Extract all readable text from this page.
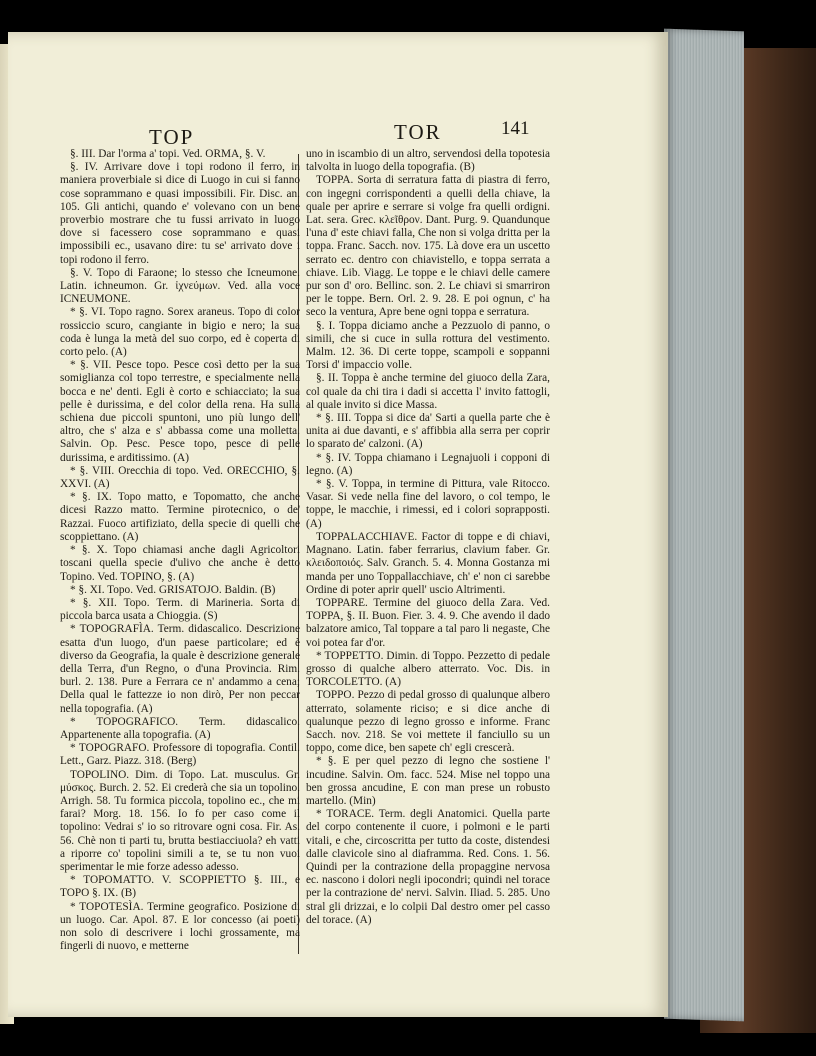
TOP	TOR	141

§. III. Dar l'orma a' topi. Ved. ORMA, §. V.

§. IV. Arrivare dove i topi rodono il ferro, in maniera proverbiale si dice di Luogo in cui si fanno cose soprammano e quasi impossibili. Fir. Disc. an. 105. Gli antichi, quando e' volevano con un bene proverbio mostrare che tu fussi arrivato in luogo dove si facessero cose soprammano e quasi impossibili ec., usavano dire: tu se' arrivato dove i topi rodono il ferro.

§. V. Topo di Faraone; lo stesso che Icneumone. Latin. ichneumon. Gr. ἰχνεύμων. Ved. alla voce ICNEUMONE.

* §. VI. Topo ragno. Sorex araneus. Topo di color rossiccio scuro, cangiante in bigio e nero; la sua coda è lunga la metà del suo corpo, ed è coperta di corto pelo. (A)

* §. VII. Pesce topo. Pesce così detto per la sua somiglianza col topo terrestre, e specialmente nella bocca e ne' denti. Egli è corto e schiacciato; la sua pelle è durissima, e del color della rena. Ha sulla schiena due piccoli spuntoni, uno più lungo dell' altro, che s' alza e s' abbassa come una molletta. Salvin. Op. Pesc. Pesce topo, pesce di pelle durissima, e arditissimo. (A)

* §. VIII. Orecchia di topo. Ved. ORECCHIO, §. XXVI. (A)

* §. IX. Topo matto, e Topomatto, che anche dicesi Razzo matto. Termine pirotecnico, o de' Razzai. Fuoco artifiziato, della specie di quelli che scoppiettano. (A)

* §. X. Topo chiamasi anche dagli Agricoltori toscani quella specie d'ulivo che anche è detto Topino. Ved. TOPINO, §. (A)

* §. XI. Topo. Ved. GRISATOJO. Baldin. (B)

* §. XII. Topo. Term. di Marineria. Sorta di piccola barca usata a Chioggia. (S)

* TOPOGRAFÌA. Term. didascalico. Descrizione esatta d'un luogo, d'un paese particolare; ed è diverso da Geografia, la quale è descrizione generale della Terra, d'un Regno, o d'una Provincia. Rim. burl. 2. 138. Pure a Ferrara ce n' andammo a cena; Della qual le fattezze io non dirò, Per non peccar nella topografia. (A)

* TOPOGRAFICO. Term. didascalico. Appartenente alla topografia. (A)

* TOPOGRAFO. Professore di topografia. Contil. Lett., Garz. Piazz. 318. (Berg)

TOPOLINO. Dim. di Topo. Lat. musculus. Gr. μύσκος. Burch. 2. 52. Ei crederà che sia un topolino. Arrigh. 58. Tu formica piccola, topolino ec., che mi farai? Morg. 18. 156. Io fo per caso come il topolino: Vedrai s' io so ritrovare ogni cosa. Fir. As. 56. Chè non ti parti tu, brutta bestiacciuola? eh vatti a riporre co' topolini simili a te, se tu non vuoi sperimentar le mie forze adesso adesso.

* TOPOMATTO. V. SCOPPIETTO §. III., e TOPO §. IX. (B)

* TOPOTESÌA. Termine geografico. Posizione di un luogo. Car. Apol. 87. E lor concesso (ai poeti) non solo di descrivere i lochi grossamente, ma fingerli di nuovo, e metterne

uno in iscambio di un altro, servendosi della topotesia talvolta in luogo della topografia. (B)

TOPPA. Sorta di serratura fatta di piastra di ferro, con ingegni corrispondenti a quelli della chiave, la quale per aprire e serrare si volge fra quelli ordigni. Lat. sera. Grec. κλεῖθρον. Dant. Purg. 9. Quandunque l'una d' este chiavi falla, Che non si volga dritta per la toppa. Franc. Sacch. nov. 175. Là dove era un uscetto serrato ec. dentro con chiavistello, e toppa serrata a chiave. Lib. Viagg. Le toppe e le chiavi delle camere pur son d' oro. Bellinc. son. 2. Le chiavi si smarriron per le toppe. Bern. Orl. 2. 9. 28. E poi ognun, c' ha seco la ventura, Apre bene ogni toppa e serratura.

§. I. Toppa diciamo anche a Pezzuolo di panno, o simili, che si cuce in sulla rottura del vestimento. Malm. 12. 36. Di certe toppe, scampoli e soppanni Torsi d' impaccio volle.

§. II. Toppa è anche termine del giuoco della Zara, col quale da chi tira i dadi si accetta l' invito fattogli, al quale invito si dice Massa.

* §. III. Toppa si dice da' Sarti a quella parte che è unita ai due davanti, e s' affibbia alla serra per coprir lo sparato de' calzoni. (A)

* §. IV. Toppa chiamano i Legnajuoli i copponi di legno. (A)

* §. V. Toppa, in termine di Pittura, vale Ritocco. Vasar. Si vede nella fine del lavoro, o col tempo, le toppe, le macchie, i rimessi, ed i colori soprapposti. (A)

TOPPALACCHIAVE. Factor di toppe e di chiavi, Magnano. Latin. faber ferrarius, clavium faber. Gr. κλειδοποιός. Salv. Granch. 5. 4. Monna Gostanza mi manda per uno Toppallacchiave, ch' e' non ci sarebbe Ordine di poter aprir quell' uscio Altrimenti.

TOPPARE. Termine del giuoco della Zara. Ved. TOPPA, §. II. Buon. Fier. 3. 4. 9. Che avendo il dado balzatore amico, Tal toppare a tal paro li negaste, Che voi potea far d'or.

* TOPPETTO. Dimin. di Toppo. Pezzetto di pedale grosso di qualche albero atterrato. Voc. Dis. in TORCOLETTO. (A)

TOPPO. Pezzo di pedal grosso di qualunque albero atterrato, solamente riciso; e si dice anche di qualunque pezzo di legno grosso e informe. Franc Sacch. nov. 218. Se voi mettete il fanciullo su un toppo, come dice, ben sapete ch' egli crescerà.

* §. E per quel pezzo di legno che sostiene l' incudine. Salvin. Om. facc. 524. Mise nel toppo una ben grossa ancudine, E con man prese un robusto martello. (Min)

* TORACE. Term. degli Anatomici. Quella parte del corpo contenente il cuore, i polmoni e le parti vitali, e che, circoscritta per tutto da coste, distendesi dalle clavicole sino al diaframma. Red. Cons. 1. 56. Quindi per la contrazione della propaggine nervosa ec. nascono i dolori negli ipocondri; quindi nel torace per la contrazione de' nervi. Salvin. Iliad. 5. 285. Uno stral gli drizzai, e lo colpii Dal destro omer pel casso del torace. (A)
